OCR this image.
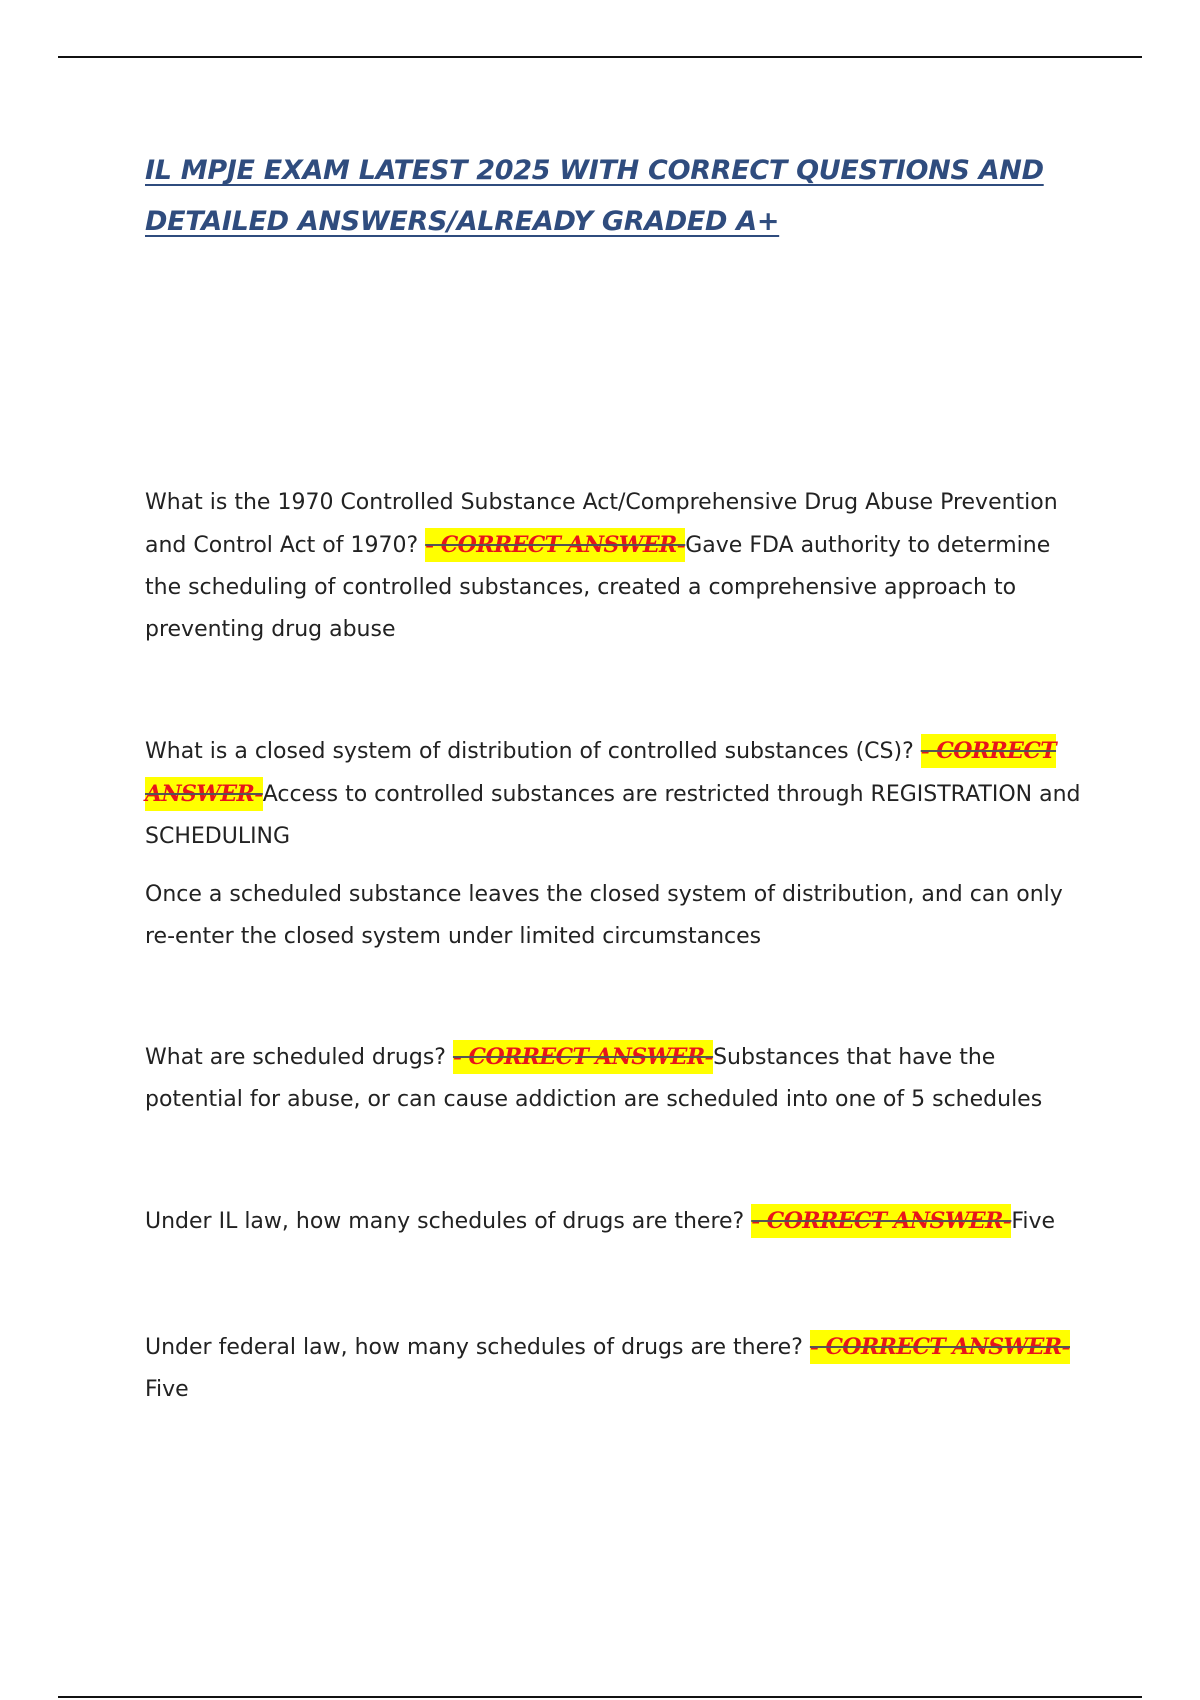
IL MPJE EXAM LATEST 2025 WITH CORRECT QUESTIONS AND DETAILED ANSWERS/ALREADY GRADED A+

What is the 1970 Controlled Substance Act/Comprehensive Drug Abuse Prevention and Control Act of 1970? - CORRECT ANSWER-Gave FDA authority to determine the scheduling of controlled substances, created a comprehensive approach to preventing drug abuse

What is a closed system of distribution of controlled substances (CS)? - CORRECT ANSWER-Access to controlled substances are restricted through REGISTRATION and SCHEDULING

Once a scheduled substance leaves the closed system of distribution, and can only re-enter the closed system under limited circumstances

What are scheduled drugs? - CORRECT ANSWER-Substances that have the potential for abuse, or can cause addiction are scheduled into one of 5 schedules

Under IL law, how many schedules of drugs are there? - CORRECT ANSWER-Five

Under federal law, how many schedules of drugs are there? - CORRECT ANSWER-Five
